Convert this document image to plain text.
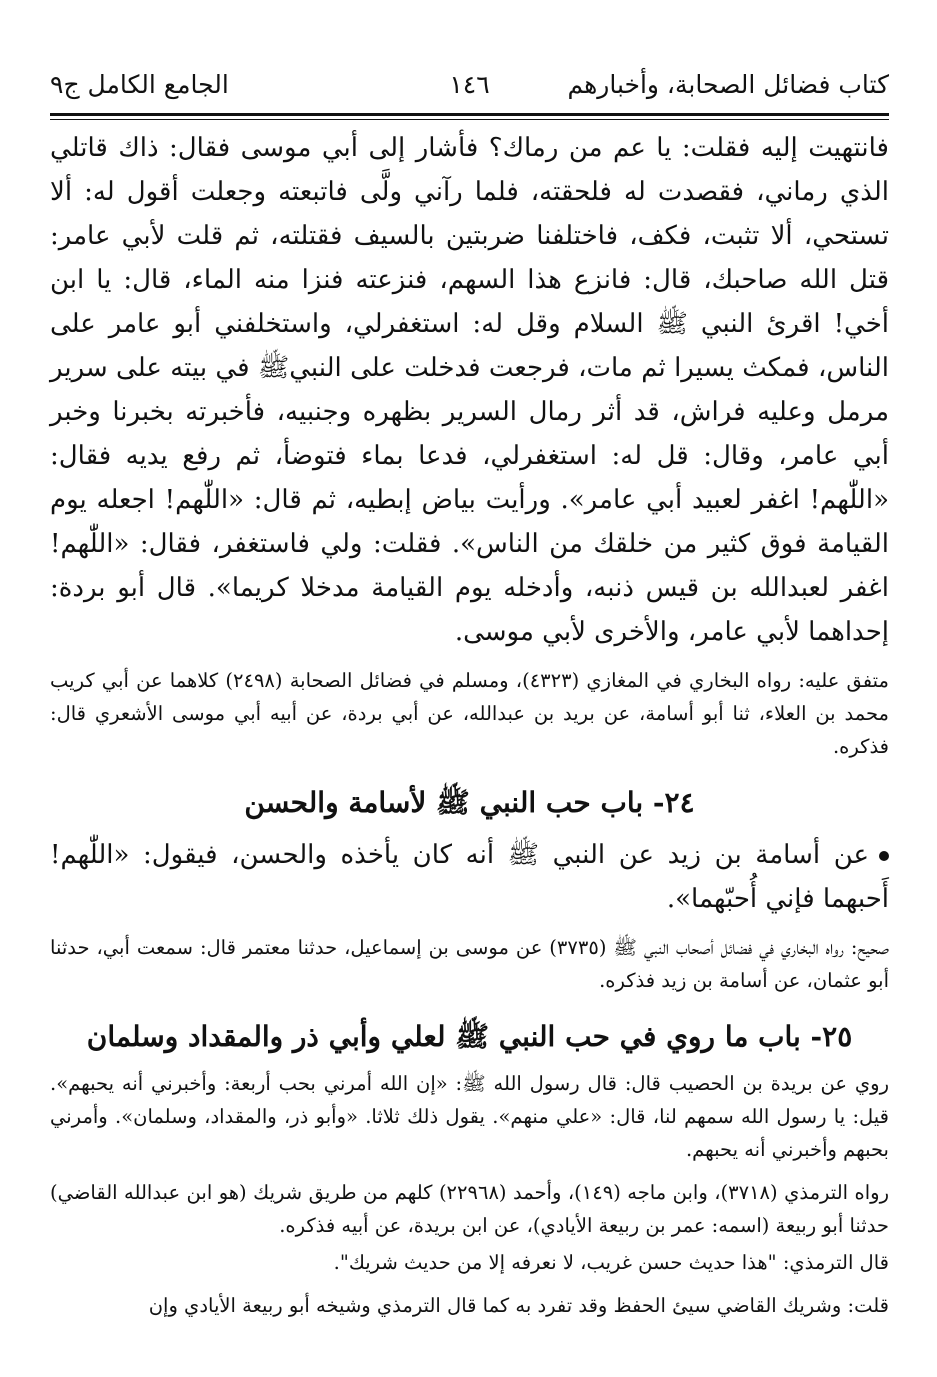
كتاب فضائل الصحابة، وأخبارهم
١٤٦
الجامع الكامل ج٩

فانتهيت إليه فقلت: يا عم من رماك؟ فأشار إلى أبي موسى فقال: ذاك قاتلي الذي رماني، فقصدت له فلحقته، فلما رآني ولَّى فاتبعته وجعلت أقول له: ألا تستحي، ألا تثبت، فكف، فاختلفنا ضربتين بالسيف فقتلته، ثم قلت لأبي عامر: قتل الله صاحبك، قال: فانزع هذا السهم، فنزعته فنزا منه الماء، قال: يا ابن أخي! اقرئ النبي ﷺ السلام وقل له: استغفرلي، واستخلفني أبو عامر على الناس، فمكث يسيرا ثم مات، فرجعت فدخلت على النبيﷺ في بيته على سرير مرمل وعليه فراش، قد أثر رمال السرير بظهره وجنبيه، فأخبرته بخبرنا وخبر أبي عامر، وقال: قل له: استغفرلي، فدعا بماء فتوضأ، ثم رفع يديه فقال: «اللّٰهم! اغفر لعبيد أبي عامر». ورأيت بياض إبطيه، ثم قال: «اللّٰهم! اجعله يوم القيامة فوق كثير من خلقك من الناس». فقلت: ولي فاستغفر، فقال: «اللّٰهم! اغفر لعبدالله بن قيس ذنبه، وأدخله يوم القيامة مدخلا كريما». قال أبو بردة: إحداهما لأبي عامر، والأخرى لأبي موسى.

متفق عليه: رواه البخاري في المغازي (٤٣٢٣)، ومسلم في فضائل الصحابة (٢٤٩٨) كلاهما عن أبي كريب محمد بن العلاء، ثنا أبو أسامة، عن بريد بن عبدالله، عن أبي بردة، عن أبيه أبي موسى الأشعري قال: فذكره.

٢٤- باب حب النبي ﷺ لأسامة والحسن

عن أسامة بن زيد عن النبي ﷺ أنه كان يأخذه والحسن، فيقول: «اللّٰهم! أَحبهما فإني أُحبّهما».

صحيح: رواه البخاري في فضائل أصحاب النبي ﷺ (٣٧٣٥) عن موسى بن إسماعيل، حدثنا معتمر قال: سمعت أبي، حدثنا أبو عثمان، عن أسامة بن زيد فذكره.

٢٥- باب ما روي في حب النبي ﷺ لعلي وأبي ذر والمقداد وسلمان

روي عن بريدة بن الحصيب قال: قال رسول الله ﷺ: «إن الله أمرني بحب أربعة: وأخبرني أنه يحبهم». قيل: يا رسول الله سمهم لنا، قال: «علي منهم». يقول ذلك ثلاثا. «وأبو ذر، والمقداد، وسلمان». وأمرني بحبهم وأخبرني أنه يحبهم.

رواه الترمذي (٣٧١٨)، وابن ماجه (١٤٩)، وأحمد (٢٢٩٦٨) كلهم من طريق شريك (هو ابن عبدالله القاضي) حدثنا أبو ربيعة (اسمه: عمر بن ربيعة الأيادي)، عن ابن بريدة، عن أبيه فذكره.

قال الترمذي: "هذا حديث حسن غريب، لا نعرفه إلا من حديث شريك".

قلت: وشريك القاضي سيئ الحفظ وقد تفرد به كما قال الترمذي وشيخه أبو ربيعة الأيادي وإن
